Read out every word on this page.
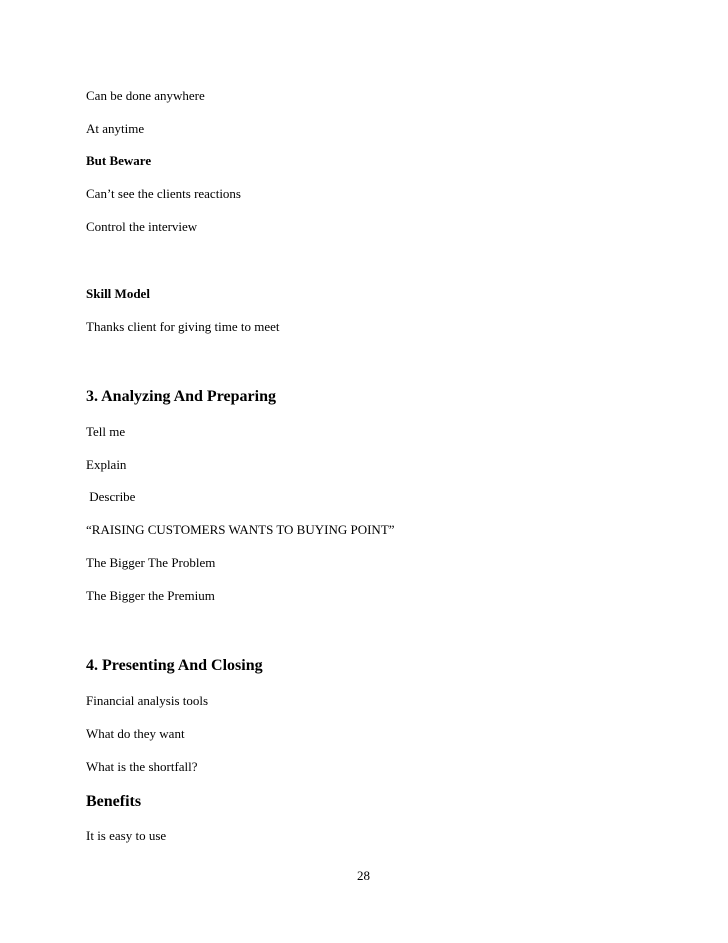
Can be done anywhere
At anytime
But Beware
Can’t see the clients reactions
Control the interview
Skill Model
Thanks client for giving time to meet
3. Analyzing And Preparing
Tell me
Explain
Describe
“RAISING CUSTOMERS WANTS TO BUYING POINT”
The Bigger The Problem
The Bigger the Premium
4. Presenting And Closing
Financial analysis tools
What do they want
What is the shortfall?
Benefits
It is easy to use
28
